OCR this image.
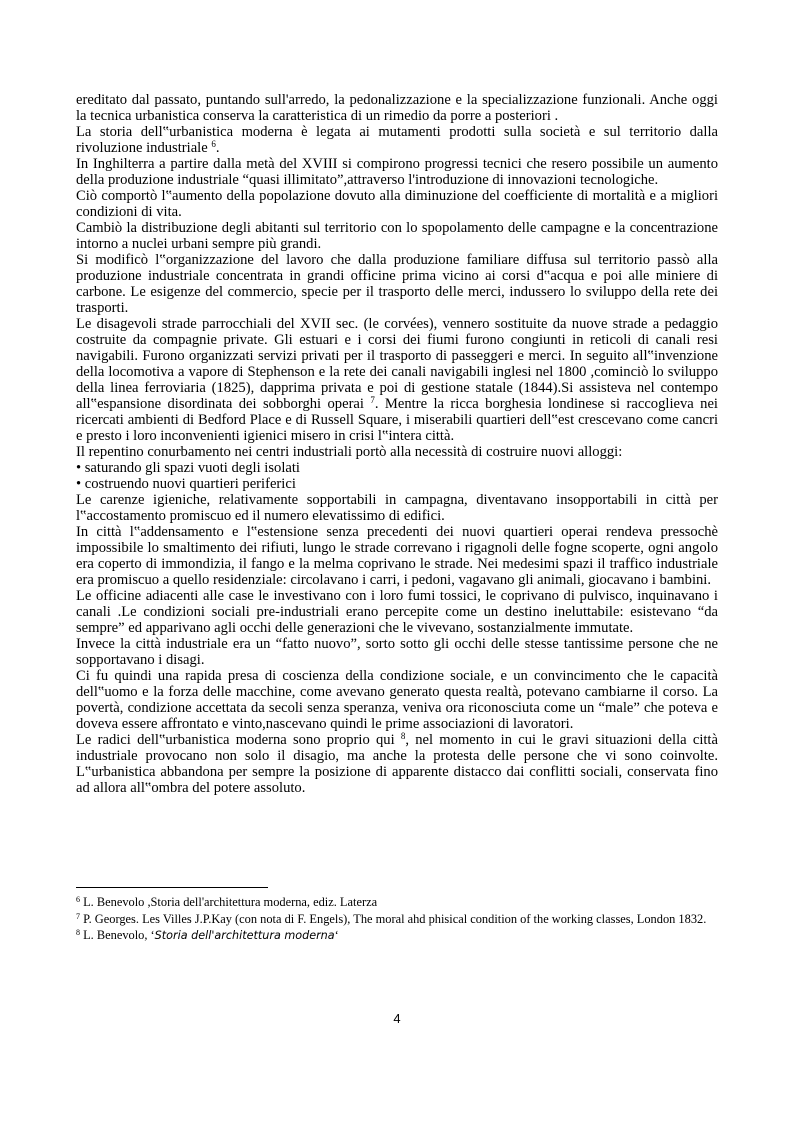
ereditato dal passato, puntando sull'arredo, la pedonalizzazione e la specializzazione funzionali. Anche oggi la tecnica urbanistica conserva la caratteristica di un rimedio da porre a posteriori .

La storia dell‟urbanistica moderna è legata ai mutamenti prodotti sulla società e sul territorio dalla rivoluzione industriale $^6$.

In Inghilterra a partire dalla metà del XVIII si compirono progressi tecnici che resero possibile un aumento della produzione industriale “quasi illimitato”,attraverso l'introduzione di innovazioni tecnologiche.

Ciò comportò l‟aumento della popolazione dovuto alla diminuzione del coefficiente di mortalità e a migliori condizioni di vita.

Cambiò la distribuzione degli abitanti sul territorio con lo spopolamento delle campagne e la concentrazione intorno a nuclei urbani sempre più grandi.

Si modificò l‟organizzazione del lavoro che dalla produzione familiare diffusa sul territorio passò alla produzione industriale concentrata in grandi officine prima vicino ai corsi d‟acqua e poi alle miniere di carbone. Le esigenze del commercio, specie per il trasporto delle merci, indussero lo sviluppo della rete dei trasporti.

Le disagevoli strade parrocchiali del XVII sec. (le corvées), vennero sostituite da nuove strade a pedaggio costruite da compagnie private. Gli estuari e i corsi dei fiumi furono congiunti in reticoli di canali resi navigabili. Furono organizzati servizi privati per il trasporto di passeggeri e merci. In seguito all‟invenzione della locomotiva a vapore di Stephenson e la rete dei canali navigabili inglesi nel 1800 ,cominciò lo sviluppo della linea ferroviaria (1825), dapprima privata e poi di gestione statale (1844).Si assisteva nel contempo all‟espansione disordinata dei sobborghi operai $^7$. Mentre la ricca borghesia londinese si raccoglieva nei ricercati ambienti di Bedford Place e di Russell Square, i miserabili quartieri dell‟est crescevano come cancri e presto i loro inconvenienti igienici misero in crisi l‟intera città.

Il repentino conurbamento nei centri industriali portò alla necessità di costruire nuovi alloggi:

• saturando gli spazi vuoti degli isolati

• costruendo nuovi quartieri periferici

Le carenze igieniche, relativamente sopportabili in campagna, diventavano insopportabili in città per l‟accostamento promiscuo ed il numero elevatissimo di edifici.

In città l‟addensamento e l‟estensione senza precedenti dei nuovi quartieri operai rendeva pressochè impossibile lo smaltimento dei rifiuti, lungo le strade correvano i rigagnoli delle fogne scoperte, ogni angolo era coperto di immondizia, il fango e la melma coprivano le strade. Nei medesimi spazi il traffico industriale era promiscuo a quello residenziale: circolavano i carri, i pedoni, vagavano gli animali, giocavano i bambini.

Le officine adiacenti alle case le investivano con i loro fumi tossici, le coprivano di pulvisco, inquinavano i canali .Le condizioni sociali pre-industriali erano percepite come un destino ineluttabile: esistevano “da sempre” ed apparivano agli occhi delle generazioni che le vivevano, sostanzialmente immutate.

Invece la città industriale era un “fatto nuovo”, sorto sotto gli occhi delle stesse tantissime persone che ne sopportavano i disagi.

Ci fu quindi una rapida presa di coscienza della condizione sociale, e un convincimento che le capacità dell‟uomo e la forza delle macchine, come avevano generato questa realtà, potevano cambiarne il corso. La povertà, condizione accettata da secoli senza speranza, veniva ora riconosciuta come un “male” che poteva e doveva essere affrontato e vinto,nascevano quindi le prime associazioni di lavoratori.

Le radici dell‟urbanistica moderna sono proprio qui $^8$, nel momento in cui le gravi situazioni della città industriale provocano non solo il disagio, ma anche la protesta delle persone che vi sono coinvolte. L‟urbanistica abbandona per sempre la posizione di apparente distacco dai conflitti sociali, conservata fino ad allora all‟ombra del potere assoluto.

$^6$ L. Benevolo ,Storia dell'architettura moderna, ediz. Laterza

$^7$ P. Georges. Les Villes J.P.Kay (con nota di F. Engels), The moral ahd phisical condition of the working classes, London 1832.

$^8$ L. Benevolo, ‘Storia dell'architettura moderna‘

4
